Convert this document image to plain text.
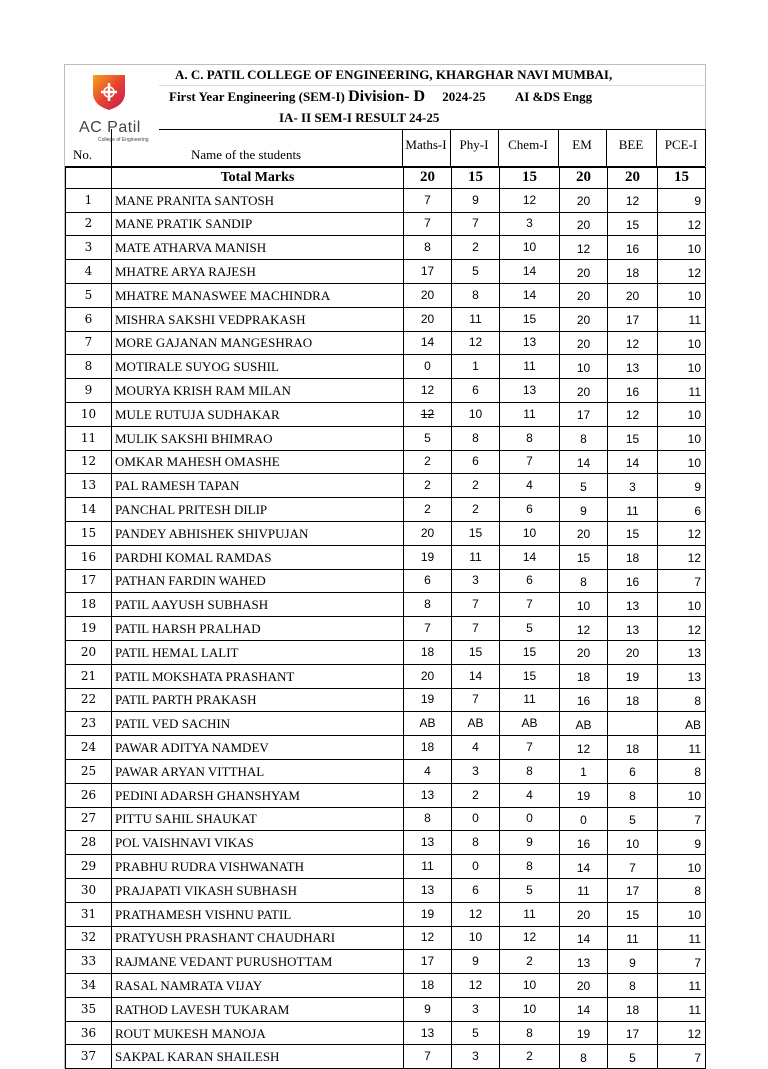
AC Patil
College of Engineering
A. C. PATIL COLLEGE OF ENGINEERING, KHARGHAR NAVI MUMBAI,
First Year Engineering (SEM-I) Division- D 2024-25 AI &DS Engg
IA- II SEM-I RESULT 24-25
No.	Name of the students
Maths-I Phy-I	Chem-I	EM	BEE	PCE-I
	Total Marks	20	15	15	20	20	15
1	MANE PRANITA SANTOSH	7	9	12	20	12	9
2	MANE PRATIK SANDIP	7	7	3	20	15	12
3	MATE ATHARVA MANISH	8	2	10	12	16	10
4	MHATRE ARYA RAJESH	17	5	14	20	18	12
5	MHATRE MANASWEE MACHINDRA	20	8	14	20	20	10
6	MISHRA SAKSHI VEDPRAKASH	20	11	15	20	17	11
7	MORE GAJANAN MANGESHRAO	14	12	13	20	12	10
8	MOTIRALE SUYOG SUSHIL	0	1	11	10	13	10
9	MOURYA KRISH RAM MILAN	12	6	13	20	16	11
10	MULE RUTUJA SUDHAKAR	12	10	11	17	12	10
11	MULIK SAKSHI BHIMRAO	5	8	8	8	15	10
12	OMKAR MAHESH OMASHE	2	6	7	14	14	10
13	PAL RAMESH TAPAN	2	2	4	5	3	9
14	PANCHAL PRITESH DILIP	2	2	6	9	11	6
15	PANDEY ABHISHEK SHIVPUJAN	20	15	10	20	15	12
16	PARDHI KOMAL RAMDAS	19	11	14	15	18	12
17	PATHAN FARDIN WAHED	6	3	6	8	16	7
18	PATIL AAYUSH SUBHASH	8	7	7	10	13	10
19	PATIL HARSH PRALHAD	7	7	5	12	13	12
20	PATIL HEMAL LALIT	18	15	15	20	20	13
21	PATIL MOKSHATA PRASHANT	20	14	15	18	19	13
22	PATIL PARTH PRAKASH	19	7	11	16	18	8
23	PATIL VED SACHIN	AB	AB	AB	AB		AB
24	PAWAR ADITYA NAMDEV	18	4	7	12	18	11
25	PAWAR ARYAN VITTHAL	4	3	8	1	6	8
26	PEDINI ADARSH GHANSHYAM	13	2	4	19	8	10
27	PITTU SAHIL SHAUKAT	8	0	0	0	5	7
28	POL VAISHNAVI VIKAS	13	8	9	16	10	9
29	PRABHU RUDRA VISHWANATH	11	0	8	14	7	10
30	PRAJAPATI VIKASH SUBHASH	13	6	5	11	17	8
31	PRATHAMESH VISHNU PATIL	19	12	11	20	15	10
32	PRATYUSH PRASHANT CHAUDHARI	12	10	12	14	11	11
33	RAJMANE VEDANT PURUSHOTTAM	17	9	2	13	9	7
34	RASAL NAMRATA VIJAY	18	12	10	20	8	11
35	RATHOD LAVESH TUKARAM	9	3	10	14	18	11
36	ROUT MUKESH MANOJA	13	5	8	19	17	12
37	SAKPAL KARAN SHAILESH	7	3	2	8	5	7
